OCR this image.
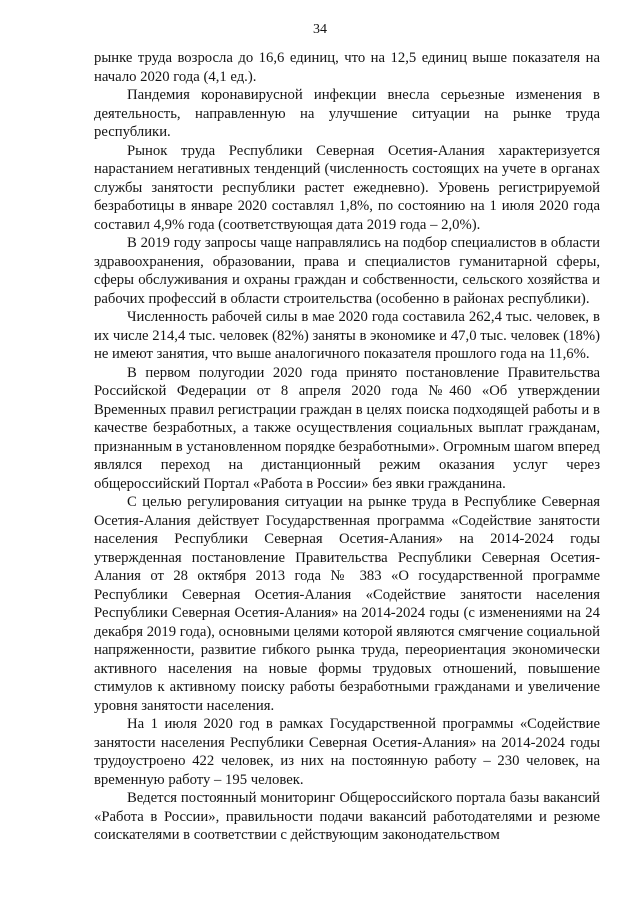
34

рынке труда возросла до 16,6 единиц, что на 12,5 единиц выше показателя на начало 2020 года (4,1 ед.).

Пандемия коронавирусной инфекции внесла серьезные изменения в деятельность, направленную на улучшение ситуации на рынке труда республики.

Рынок труда Республики Северная Осетия-Алания характеризуется нарастанием негативных тенденций (численность состоящих на учете в органах службы занятости республики растет ежедневно). Уровень регистрируемой безработицы в январе 2020 составлял 1,8%, по состоянию на 1 июля 2020 года составил 4,9% года (соответствующая дата 2019 года – 2,0%).

В 2019 году запросы чаще направлялись на подбор специалистов в области здравоохранения, образовании, права и специалистов гуманитарной сферы, сферы обслуживания и охраны граждан и собственности, сельского хозяйства и рабочих профессий в области строительства (особенно в районах республики).

Численность рабочей силы в мае 2020 года составила 262,4 тыс. человек, в их числе 214,4 тыс. человек (82%) заняты в экономике и 47,0 тыс. человек (18%) не имеют занятия, что выше аналогичного показателя прошлого года на 11,6%.

В первом полугодии 2020 года принято постановление Правительства Российской Федерации от 8 апреля 2020 года №460 «Об утверждении Временных правил регистрации граждан в целях поиска подходящей работы и в качестве безработных, а также осуществления социальных выплат гражданам, признанным в установленном порядке безработными». Огромным шагом вперед являлся переход на дистанционный режим оказания услуг через общероссийский Портал «Работа в России» без явки гражданина.

С целью регулирования ситуации на рынке труда в Республике Северная Осетия-Алания действует Государственная программа «Содействие занятости населения Республики Северная Осетия-Алания» на 2014-2024 годы утвержденная постановление Правительства Республики Северная Осетия-Алания от 28 октября 2013 года № 383 «О государственной программе Республики Северная Осетия-Алания «Содействие занятости населения Республики Северная Осетия-Алания» на 2014-2024 годы (с изменениями на 24 декабря 2019 года), основными целями которой являются смягчение социальной напряженности, развитие гибкого рынка труда, переориентация экономически активного населения на новые формы трудовых отношений, повышение стимулов к активному поиску работы безработными гражданами и увеличение уровня занятости населения.

На 1 июля 2020 год в рамках Государственной программы «Содействие занятости населения Республики Северная Осетия-Алания» на 2014-2024 годы трудоустроено 422 человек, из них на постоянную работу – 230 человек, на временную работу – 195 человек.

Ведется постоянный мониторинг Общероссийского портала базы вакансий «Работа в России», правильности подачи вакансий работодателями и резюме соискателями в соответствии с действующим законодательством
